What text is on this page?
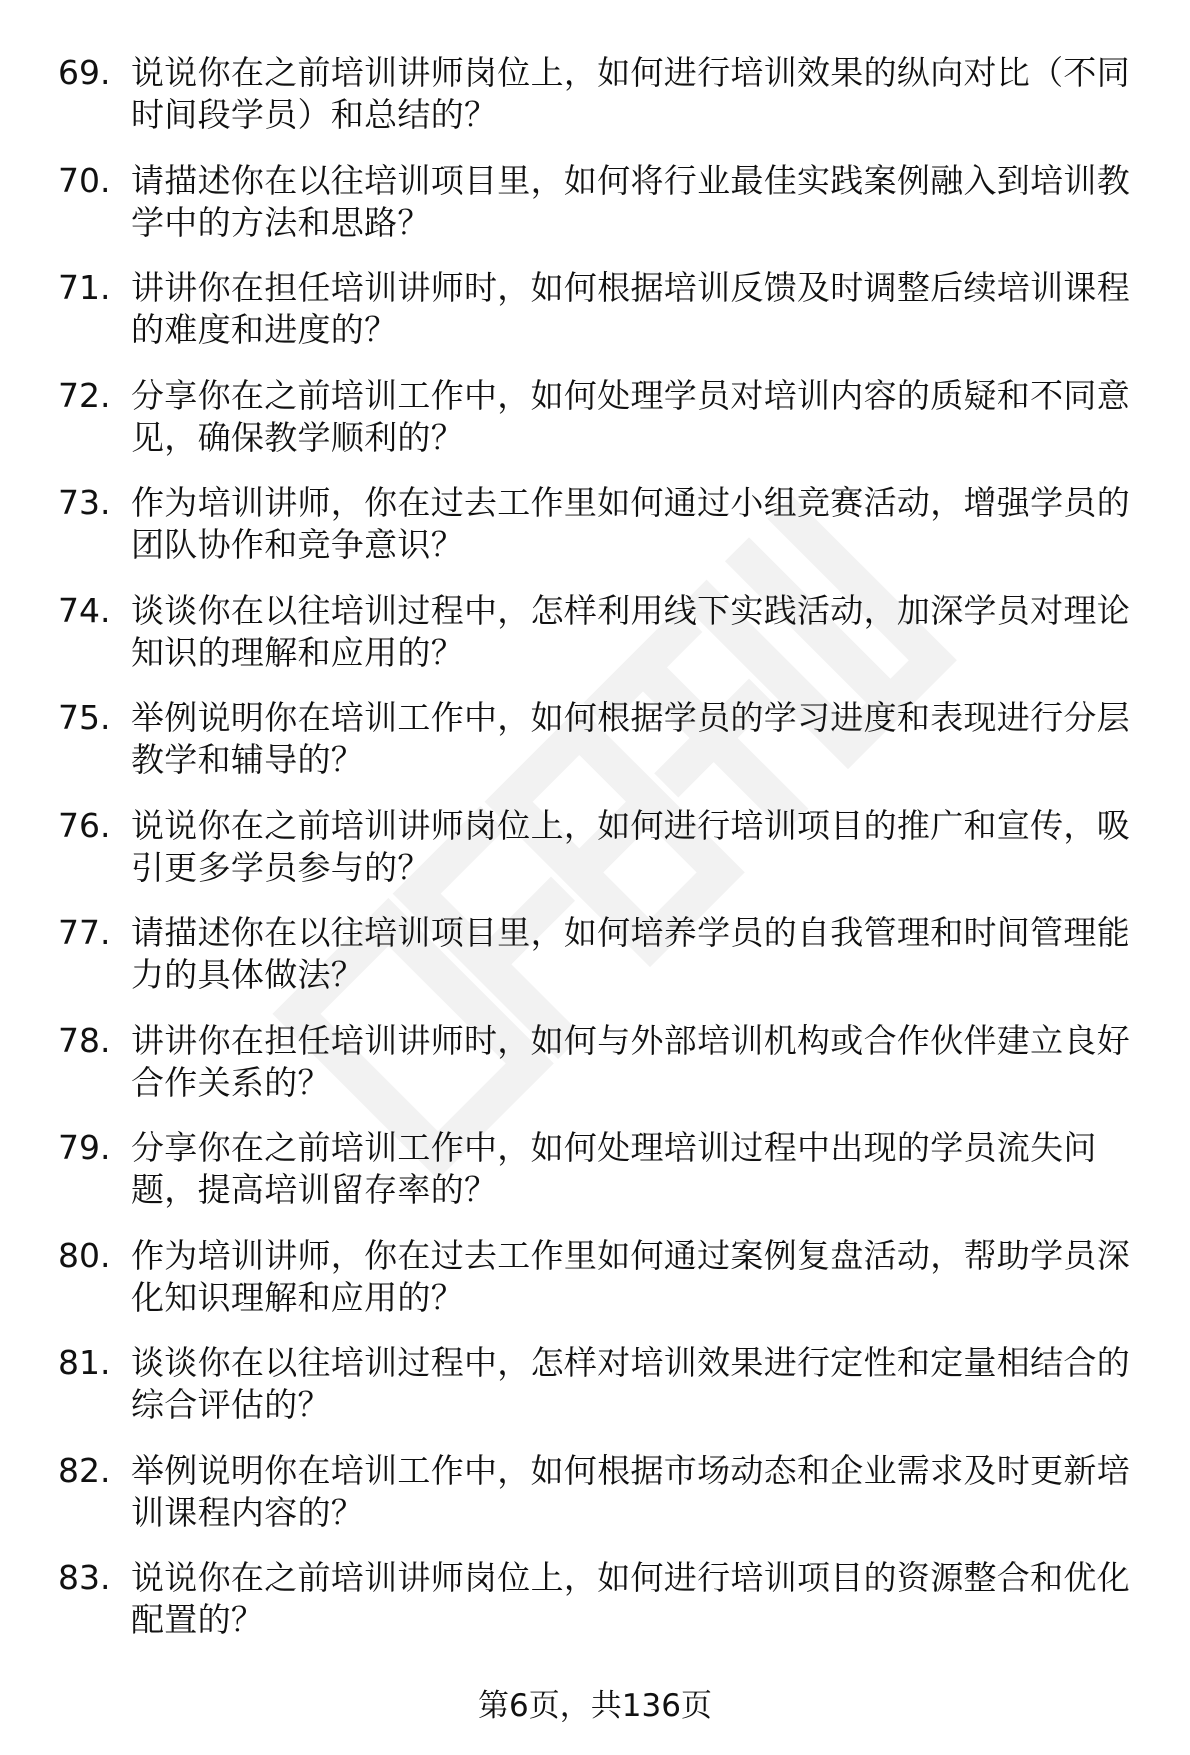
69. 说说你在之前培训讲师岗位上，如何进行培训效果的纵向对比（不同时间段学员）和总结的？
70. 请描述你在以往培训项目里，如何将行业最佳实践案例融入到培训教学中的方法和思路？
71. 讲讲你在担任培训讲师时，如何根据培训反馈及时调整后续培训课程的难度和进度的？
72. 分享你在之前培训工作中，如何处理学员对培训内容的质疑和不同意见，确保教学顺利的？
73. 作为培训讲师，你在过去工作里如何通过小组竞赛活动，增强学员的团队协作和竞争意识？
74. 谈谈你在以往培训过程中，怎样利用线下实践活动，加深学员对理论知识的理解和应用的？
75. 举例说明你在培训工作中，如何根据学员的学习进度和表现进行分层教学和辅导的？
76. 说说你在之前培训讲师岗位上，如何进行培训项目的推广和宣传，吸引更多学员参与的？
77. 请描述你在以往培训项目里，如何培养学员的自我管理和时间管理能力的具体做法？
78. 讲讲你在担任培训讲师时，如何与外部培训机构或合作伙伴建立良好合作关系的？
79. 分享你在之前培训工作中，如何处理培训过程中出现的学员流失问题，提高培训留存率的？
80. 作为培训讲师，你在过去工作里如何通过案例复盘活动，帮助学员深化知识理解和应用的？
81. 谈谈你在以往培训过程中，怎样对培训效果进行定性和定量相结合的综合评估的？
82. 举例说明你在培训工作中，如何根据市场动态和企业需求及时更新培训课程内容的？
83. 说说你在之前培训讲师岗位上，如何进行培训项目的资源整合和优化配置的？
第6页，共136页
